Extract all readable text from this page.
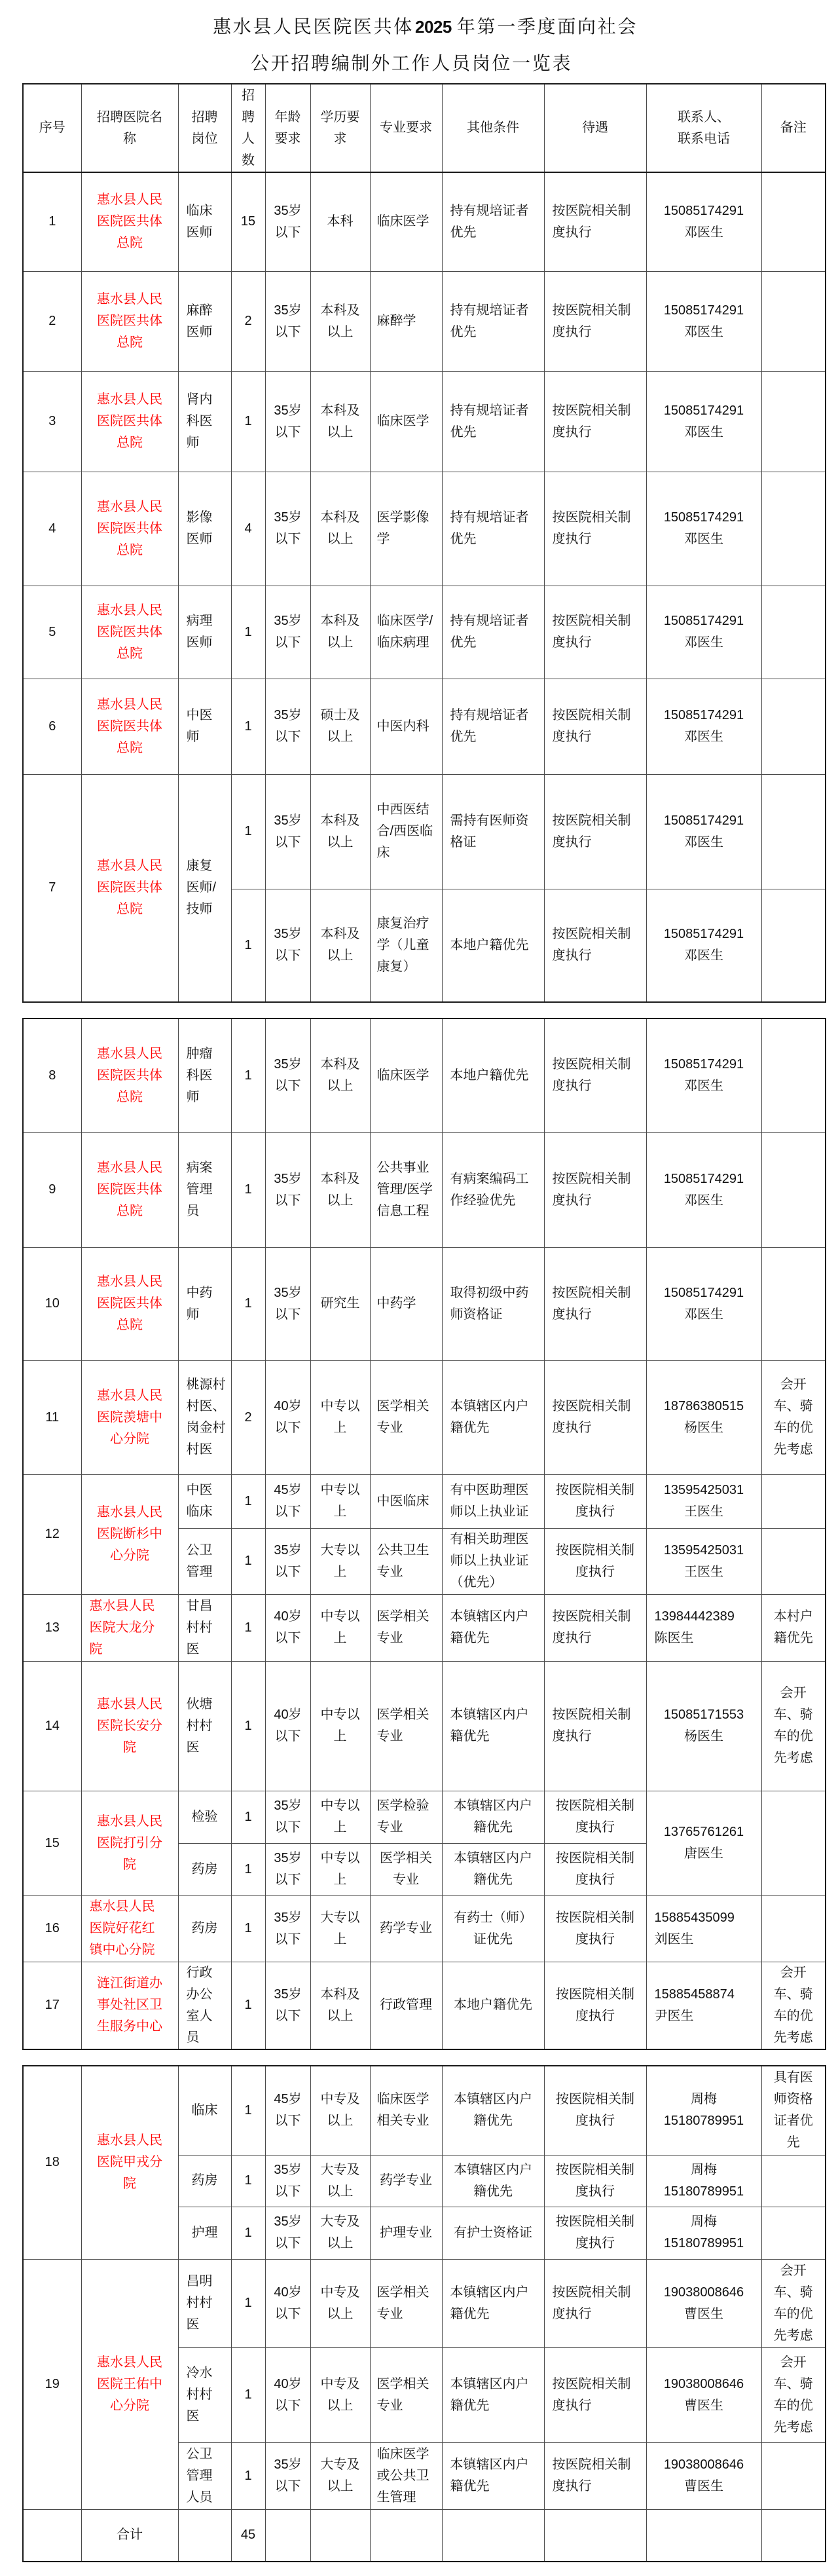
惠水县人民医院医共体2025 年第一季度面向社会
公开招聘编制外工作人员岗位一览表
序号	招聘医院名称	招聘岗位	招聘人数	年龄要求	学历要求	专业要求	其他条件	待遇	联系人、
联系电话	备注
1	惠水县人民医院医共体总院	临床医师	15	35岁以下	本科	临床医学	持有规培证者优先	按医院相关制度执行	15085174291
邓医生	

2	惠水县人民医院医共体总院	麻醉医师	2	35岁以下	本科及以上	麻醉学	持有规培证者优先	按医院相关制度执行	15085174291
邓医生	

3	惠水县人民医院医共体总院	肾内科医师	1	35岁以下	本科及以上	临床医学	持有规培证者优先	按医院相关制度执行	15085174291
邓医生	

4	惠水县人民医院医共体总院	影像医师	4	35岁以下	本科及以上	医学影像学	持有规培证者优先	按医院相关制度执行	15085174291
邓医生	

5	惠水县人民医院医共体总院	病理医师	1	35岁以下	本科及以上	临床医学/临床病理	持有规培证者优先	按医院相关制度执行	15085174291
邓医生	

6	惠水县人民医院医共体总院	中医师	1	35岁以下	硕士及以上	中医内科	持有规培证者优先	按医院相关制度执行	15085174291
邓医生	

7	惠水县人民医院医共体总院	康复医师/技师	1	35岁以下	本科及以上	中西医结合/西医临床	需持有医师资格证	按医院相关制度执行	15085174291
邓医生	

			1	35岁以下	本科及以上	康复治疗学（儿童康复）	本地户籍优先	按医院相关制度执行	15085174291
邓医生	

8	惠水县人民医院医共体总院	肿瘤科医师	1	35岁以下	本科及以上	临床医学	本地户籍优先	按医院相关制度执行	15085174291
邓医生	

9	惠水县人民医院医共体总院	病案管理员	1	35岁以下	本科及以上	公共事业管理/医学信息工程	有病案编码工作经验优先	按医院相关制度执行	15085174291
邓医生	

10	惠水县人民医院医共体总院	中药师	1	35岁以下	研究生	中药学	取得初级中药师资格证	按医院相关制度执行	15085174291
邓医生	

11	惠水县人民医院羡塘中心分院	桃源村村医、岗金村村医	2	40岁以下	中专以上	医学相关专业	本镇辖区内户籍优先	按医院相关制度执行	18786380515
杨医生	会开车、骑车的优先考虑
12	惠水县人民医院断杉中心分院	中医临床	1	45岁以下	中专以上	中医临床	有中医助理医师以上执业证	按医院相关制度执行	13595425031
王医生	

		公卫管理	1	35岁以下	大专以上	公共卫生专业	有相关助理医师以上执业证（优先）	按医院相关制度执行	13595425031
王医生	

13	惠水县人民医院大龙分院	甘昌村村医	1	40岁以下	中专以上	医学相关专业	本镇辖区内户籍优先	按医院相关制度执行	13984442389
陈医生	本村户籍优先
14	惠水县人民医院长安分院	伙塘村村医	1	40岁以下	中专以上	医学相关专业	本镇辖区内户籍优先	按医院相关制度执行	15085171553
杨医生	会开车、骑车的优先考虑
15	惠水县人民医院打引分院	检验	1	35岁以下	中专以上	医学检验专业	本镇辖区内户籍优先	按医院相关制度执行	13765761261
唐医生	

		药房	1	35岁以下	中专以上	医学相关专业	本镇辖区内户籍优先	按医院相关制度执行		
16	惠水县人民医院好花红镇中心分院	药房	1	35岁以下	大专以上	药学专业	有药士（师）证优先	按医院相关制度执行	15885435099
刘医生	

17	涟江街道办事处社区卫生服务中心	行政办公室人员	1	35岁以下	本科及以上	行政管理	本地户籍优先	按医院相关制度执行	15885458874
尹医生	会开车、骑车的优先考虑
18	惠水县人民医院甲戎分院	临床	1	45岁以下	中专及以上	临床医学相关专业	本镇辖区内户籍优先	按医院相关制度执行	周梅
15180789951	具有医师资格证者优先
		药房	1	35岁以下	大专及以上	药学专业	本镇辖区内户籍优先	按医院相关制度执行	周梅
15180789951	

		护理	1	35岁以下	大专及以上	护理专业	有护士资格证	按医院相关制度执行	周梅
15180789951	

19	惠水县人民医院王佑中心分院	昌明村村医	1	40岁以下	中专及以上	医学相关专业	本镇辖区内户籍优先	按医院相关制度执行	19038008646
曹医生	会开车、骑车的优先考虑
		冷水村村医	1	40岁以下	中专及以上	医学相关专业	本镇辖区内户籍优先	按医院相关制度执行	19038008646
曹医生	会开车、骑车的优先考虑
		公卫管理人员	1	35岁以下	大专及以上	临床医学或公共卫生管理	本镇辖区内户籍优先	按医院相关制度执行	19038008646
曹医生	

	合计		45							
